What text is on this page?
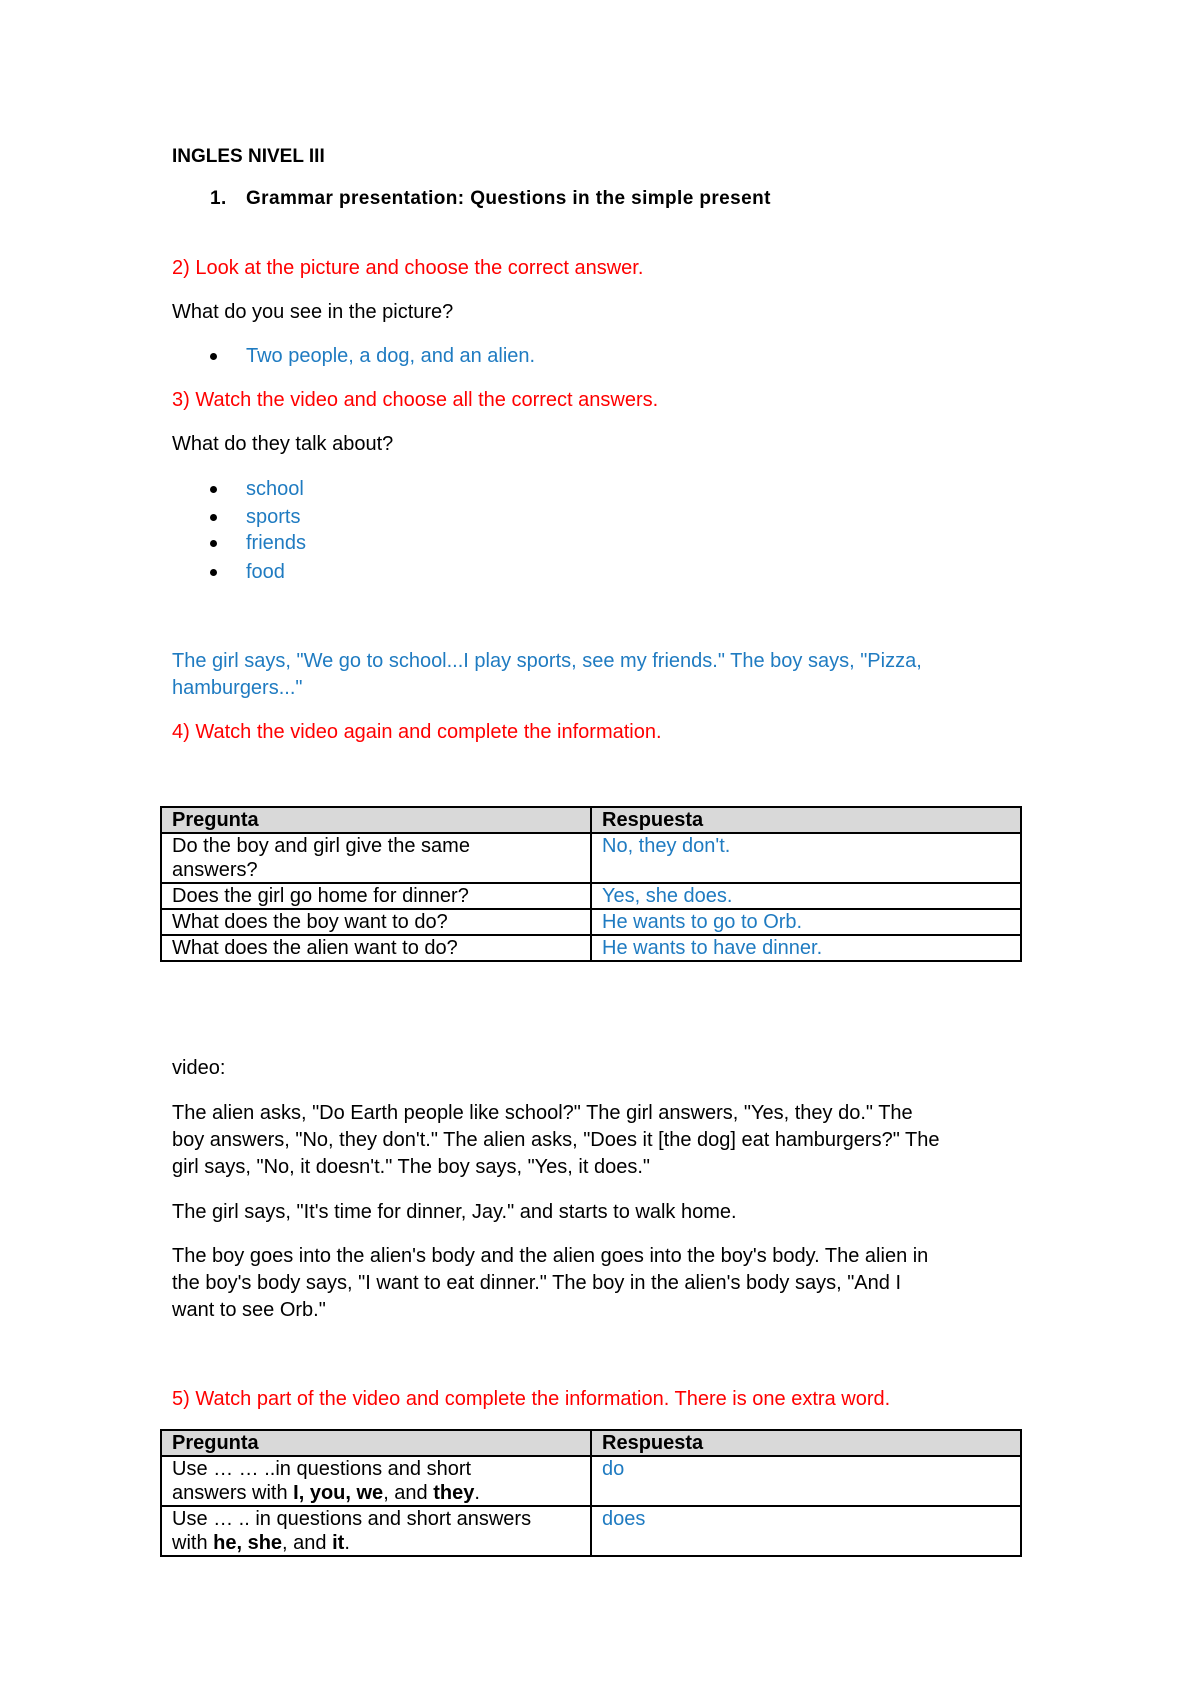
INGLES NIVEL III
1. Grammar presentation: Questions in the simple present
2) Look at the picture and choose the correct answer.
What do you see in the picture?
Two people, a dog, and an alien.
3) Watch the video and choose all the correct answers.
What do they talk about?
school
sports
friends
food
The girl says, "We go to school...I play sports, see my friends." The boy says, "Pizza,
hamburgers..."
4) Watch the video again and complete the information.
Pregunta	Respuesta
Do the boy and girl give the same
answers?	No, they don't.
Does the girl go home for dinner?	Yes, she does.
What does the boy want to do?	He wants to go to Orb.
What does the alien want to do?	He wants to have dinner.
video:
The alien asks, "Do Earth people like school?" The girl answers, "Yes, they do." The
boy answers, "No, they don't." The alien asks, "Does it [the dog] eat hamburgers?" The
girl says, "No, it doesn't." The boy says, "Yes, it does."
The girl says, "It's time for dinner, Jay." and starts to walk home.
The boy goes into the alien's body and the alien goes into the boy's body. The alien in
the boy's body says, "I want to eat dinner." The boy in the alien's body says, "And I
want to see Orb."
5) Watch part of the video and complete the information. There is one extra word.
Pregunta	Respuesta
Use … … ..in questions and short
answers with I, you, we, and they.	do
Use … .. in questions and short answers
with he, she, and it.	does
